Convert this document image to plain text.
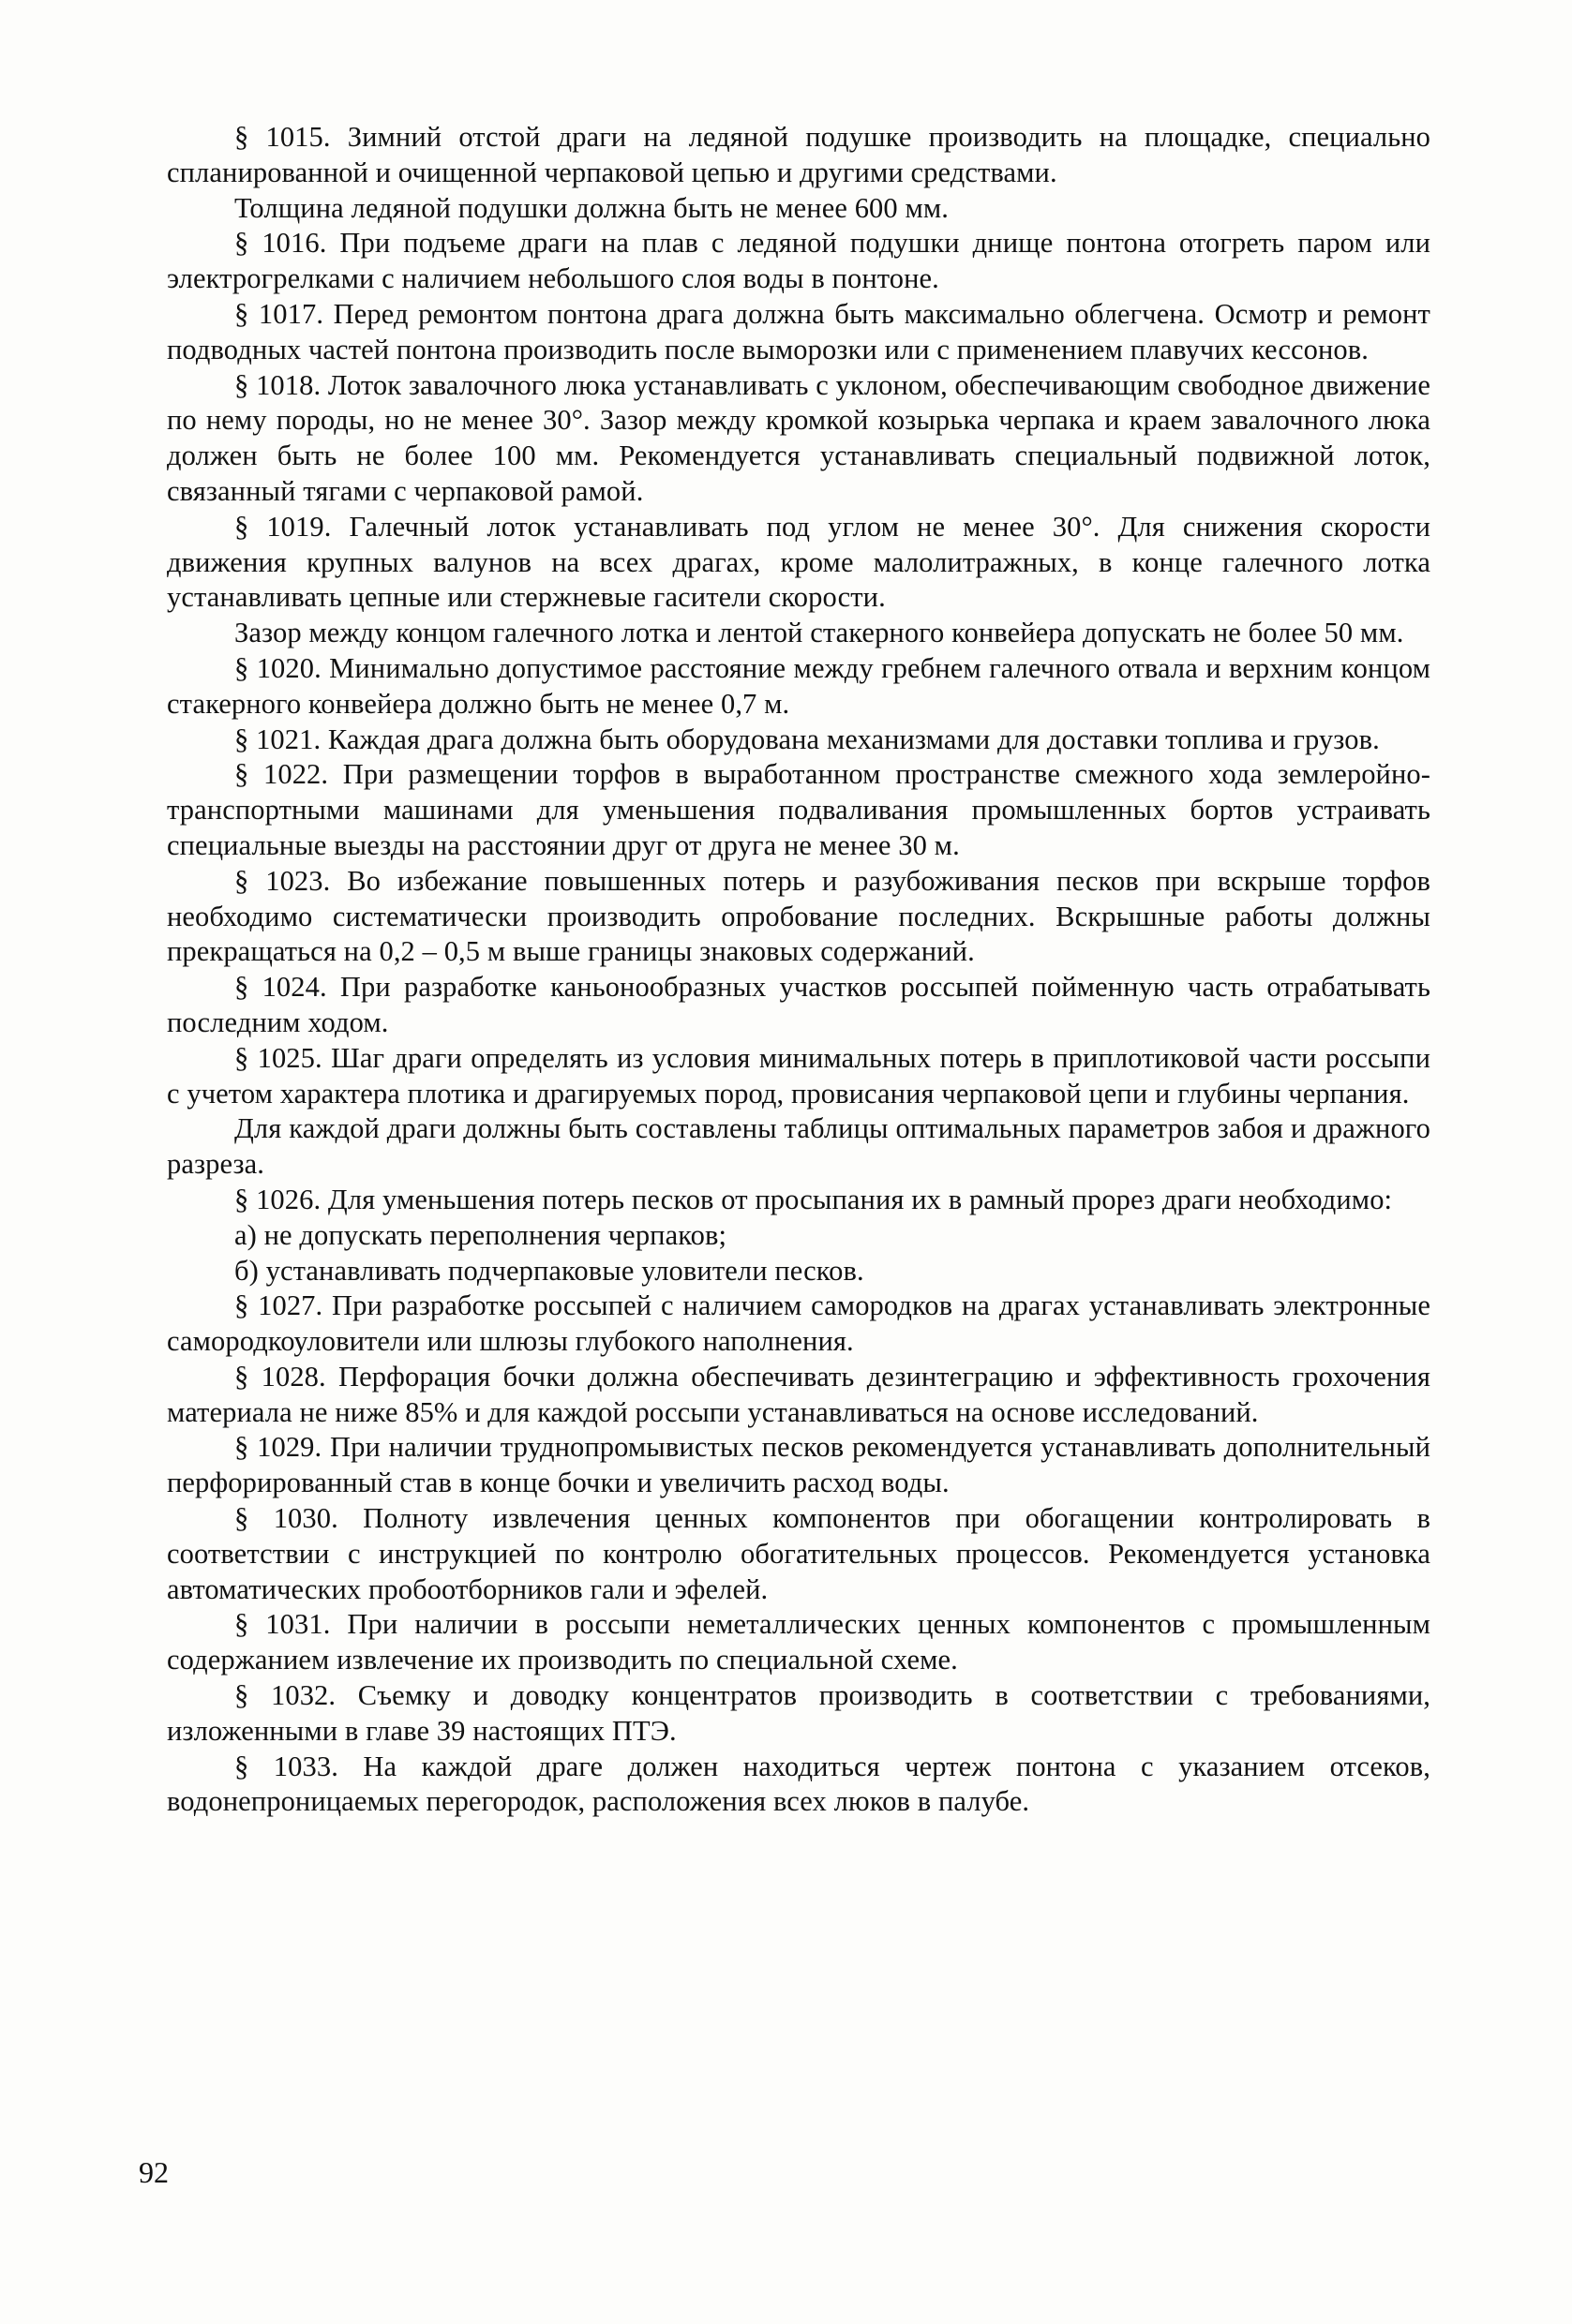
§ 1015. Зимний отстой драги на ледяной подушке производить на площадке, специально спланированной и очищенной черпаковой цепью и другими средствами.

Толщина ледяной подушки должна быть не менее 600 мм.

§ 1016. При подъеме драги на плав с ледяной подушки днище понтона отогреть паром или электрогрелками с наличием небольшого слоя воды в понтоне.

§ 1017. Перед ремонтом понтона драга должна быть максимально облегчена. Осмотр и ремонт подводных частей понтона производить после выморозки или с применением плавучих кессонов.

§ 1018. Лоток завалочного люка устанавливать с уклоном, обеспечивающим свободное движение по нему породы, но не менее 30°. Зазор между кромкой козырька черпака и краем завалочного люка должен быть не более 100 мм. Рекомендуется устанавливать специальный подвижной лоток, связанный тягами с черпаковой рамой.

§ 1019. Галечный лоток устанавливать под углом не менее 30°. Для снижения скорости движения крупных валунов на всех драгах, кроме малолитражных, в конце галечного лотка устанавливать цепные или стержневые гасители скорости.

Зазор между концом галечного лотка и лентой стакерного конвейера допускать не более 50 мм.

§ 1020. Минимально допустимое расстояние между гребнем галечного отвала и верхним концом стакерного конвейера должно быть не менее 0,7 м.

§ 1021. Каждая драга должна быть оборудована механизмами для доставки топлива и грузов.

§ 1022. При размещении торфов в выработанном пространстве смежного хода землеройно-транспортными машинами для уменьшения подваливания промышленных бортов устраивать специальные выезды на расстоянии друг от друга не менее 30 м.

§ 1023. Во избежание повышенных потерь и разубоживания песков при вскрыше торфов необходимо систематически производить опробование последних. Вскрышные работы должны прекращаться на 0,2 – 0,5 м выше границы знаковых содержаний.

§ 1024. При разработке каньонообразных участков россыпей пойменную часть отрабатывать последним ходом.

§ 1025. Шаг драги определять из условия минимальных потерь в приплотиковой части россыпи с учетом характера плотика и драгируемых пород, провисания черпаковой цепи и глубины черпания.

Для каждой драги должны быть составлены таблицы оптимальных параметров забоя и дражного разреза.

§ 1026. Для уменьшения потерь песков от просыпания их в рамный прорез драги необходимо:

а) не допускать переполнения черпаков;

б) устанавливать подчерпаковые уловители песков.

§ 1027. При разработке россыпей с наличием самородков на драгах устанавливать электронные самородкоуловители или шлюзы глубокого наполнения.

§ 1028. Перфорация бочки должна обеспечивать дезинтеграцию и эффективность грохочения материала не ниже 85% и для каждой россыпи устанавливаться на основе исследований.

§ 1029. При наличии труднопромывистых песков рекомендуется устанавливать дополнительный перфорированный став в конце бочки и увеличить расход воды.

§ 1030. Полноту извлечения ценных компонентов при обогащении контролировать в соответствии с инструкцией по контролю обогатительных процессов. Рекомендуется установка автоматических пробоотборников гали и эфелей.

§ 1031. При наличии в россыпи неметаллических ценных компонентов с промышленным содержанием извлечение их производить по специальной схеме.

§ 1032. Съемку и доводку концентратов производить в соответствии с требованиями, изложенными в главе 39 настоящих ПТЭ.

§ 1033. На каждой драге должен находиться чертеж понтона с указанием отсеков, водонепроницаемых перегородок, расположения всех люков в палубе.

92
